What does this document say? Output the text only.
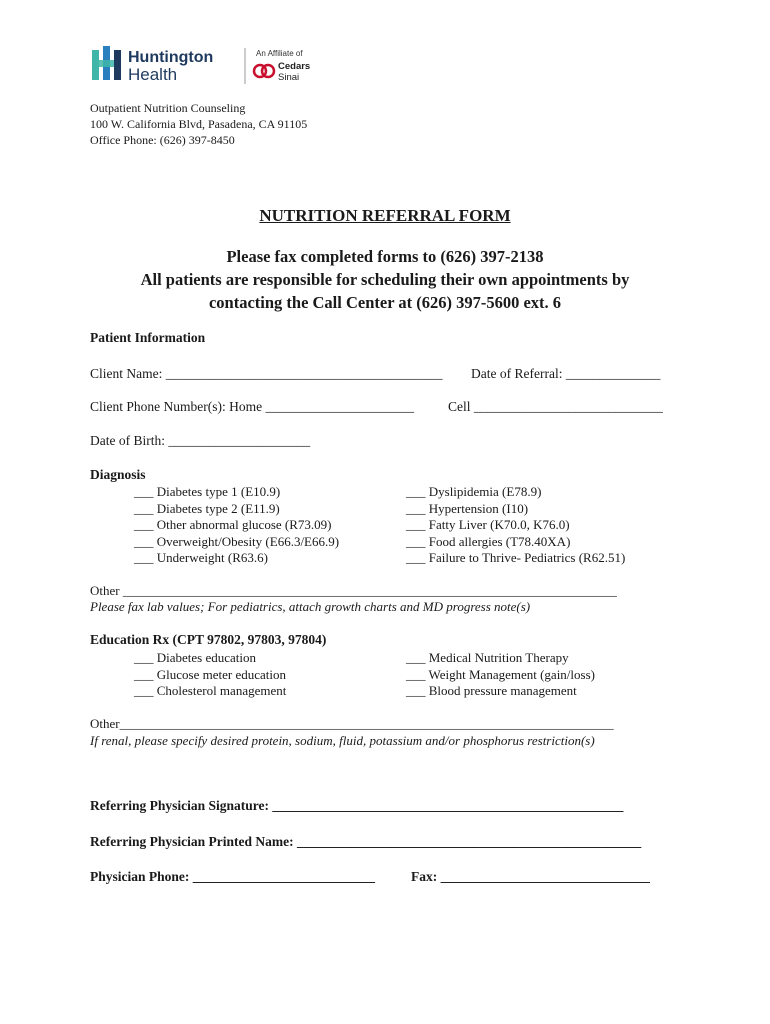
Huntington
Health
An Affiliate of
Cedars
Sinai
Outpatient Nutrition Counseling
100 W. California Blvd, Pasadena, CA 91105
Office Phone: (626) 397-8450
NUTRITION REFERRAL FORM
Please fax completed forms to (626) 397-2138
All patients are responsible for scheduling their own appointments by
contacting the Call Center at (626) 397-5600 ext. 6
Patient Information
Client Name: _________________________________________ Date of Referral: ______________
Client Phone Number(s): Home ______________________	Cell ____________________________
Date of Birth: _____________________
Diagnosis
___ Diabetes type 1 (E10.9)
___ Diabetes type 2 (E11.9)
___ Other abnormal glucose (R73.09)
___ Overweight/Obesity (E66.3/E66.9)
___ Underweight (R63.6)
___ Dyslipidemia (E78.9)
___ Hypertension (I10)
___ Fatty Liver (K70.0, K76.0)
___ Food allergies (T78.40XA)
___ Failure to Thrive- Pediatrics (R62.51)
Other ____________________________________________________________________________
Please fax lab values; For pediatrics, attach growth charts and MD progress note(s)
Education Rx (CPT 97802, 97803, 97804)
___ Diabetes education
___ Glucose meter education
___ Cholesterol management
___ Medical Nutrition Therapy
___ Weight Management (gain/loss)
___ Blood pressure management
Other____________________________________________________________________________
If renal, please specify desired protein, sodium, fluid, potassium and/or phosphorus restriction(s)
Referring Physician Signature: ____________________________________________________
Referring Physician Printed Name: ___________________________________________________
Physician Phone: ___________________________	Fax: _______________________________
